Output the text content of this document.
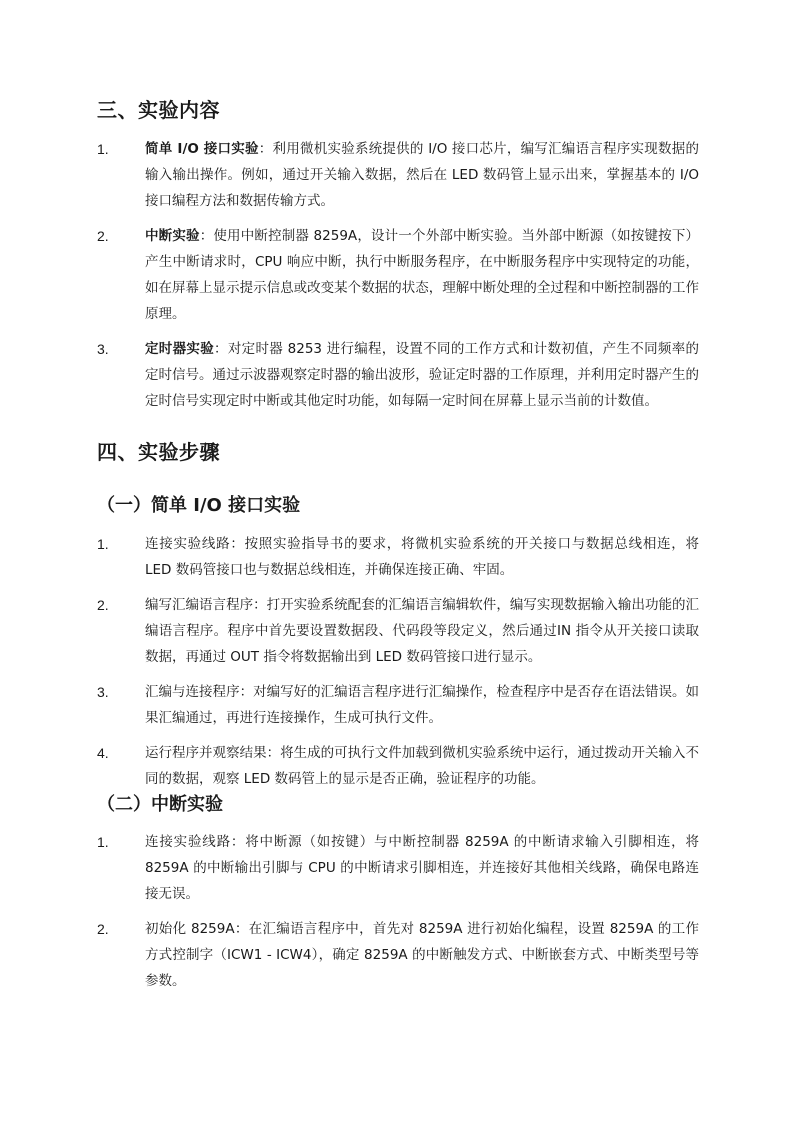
三、实验内容
1.	简单 I/O 接口实验：利用微机实验系统提供的 I/O 接口芯片，编写汇编语言程序实现数据的输入输出操作。例如，通过开关输入数据，然后在 LED 数码管上显示出来，掌握基本的 I/O 接口编程方法和数据传输方式。
2.	中断实验：使用中断控制器 8259A，设计一个外部中断实验。当外部中断源（如按键按下）产生中断请求时，CPU 响应中断，执行中断服务程序，在中断服务程序中实现特定的功能，如在屏幕上显示提示信息或改变某个数据的状态，理解中断处理的全过程和中断控制器的工作原理。
3.	定时器实验：对定时器 8253 进行编程，设置不同的工作方式和计数初值，产生不同频率的定时信号。通过示波器观察定时器的输出波形，验证定时器的工作原理，并利用定时器产生的定时信号实现定时中断或其他定时功能，如每隔一定时间在屏幕上显示当前的计数值。
四、实验步骤
（一）简单 I/O 接口实验
1.	连接实验线路：按照实验指导书的要求，将微机实验系统的开关接口与数据总线相连，将 LED 数码管接口也与数据总线相连，并确保连接正确、牢固。
2.	编写汇编语言程序：打开实验系统配套的汇编语言编辑软件，编写实现数据输入输出功能的汇编语言程序。程序中首先要设置数据段、代码段等段定义，然后通过IN 指令从开关接口读取数据，再通过 OUT 指令将数据输出到 LED 数码管接口进行显示。
3.	汇编与连接程序：对编写好的汇编语言程序进行汇编操作，检查程序中是否存在语法错误。如果汇编通过，再进行连接操作，生成可执行文件。
4.	运行程序并观察结果：将生成的可执行文件加载到微机实验系统中运行，通过拨动开关输入不同的数据，观察 LED 数码管上的显示是否正确，验证程序的功能。
（二）中断实验
1.	连接实验线路：将中断源（如按键）与中断控制器 8259A 的中断请求输入引脚相连，将 8259A 的中断输出引脚与 CPU 的中断请求引脚相连，并连接好其他相关线路，确保电路连接无误。
2.	初始化 8259A：在汇编语言程序中，首先对 8259A 进行初始化编程，设置 8259A 的工作方式控制字（ICW1 - ICW4），确定 8259A 的中断触发方式、中断嵌套方式、中断类型号等参数。
